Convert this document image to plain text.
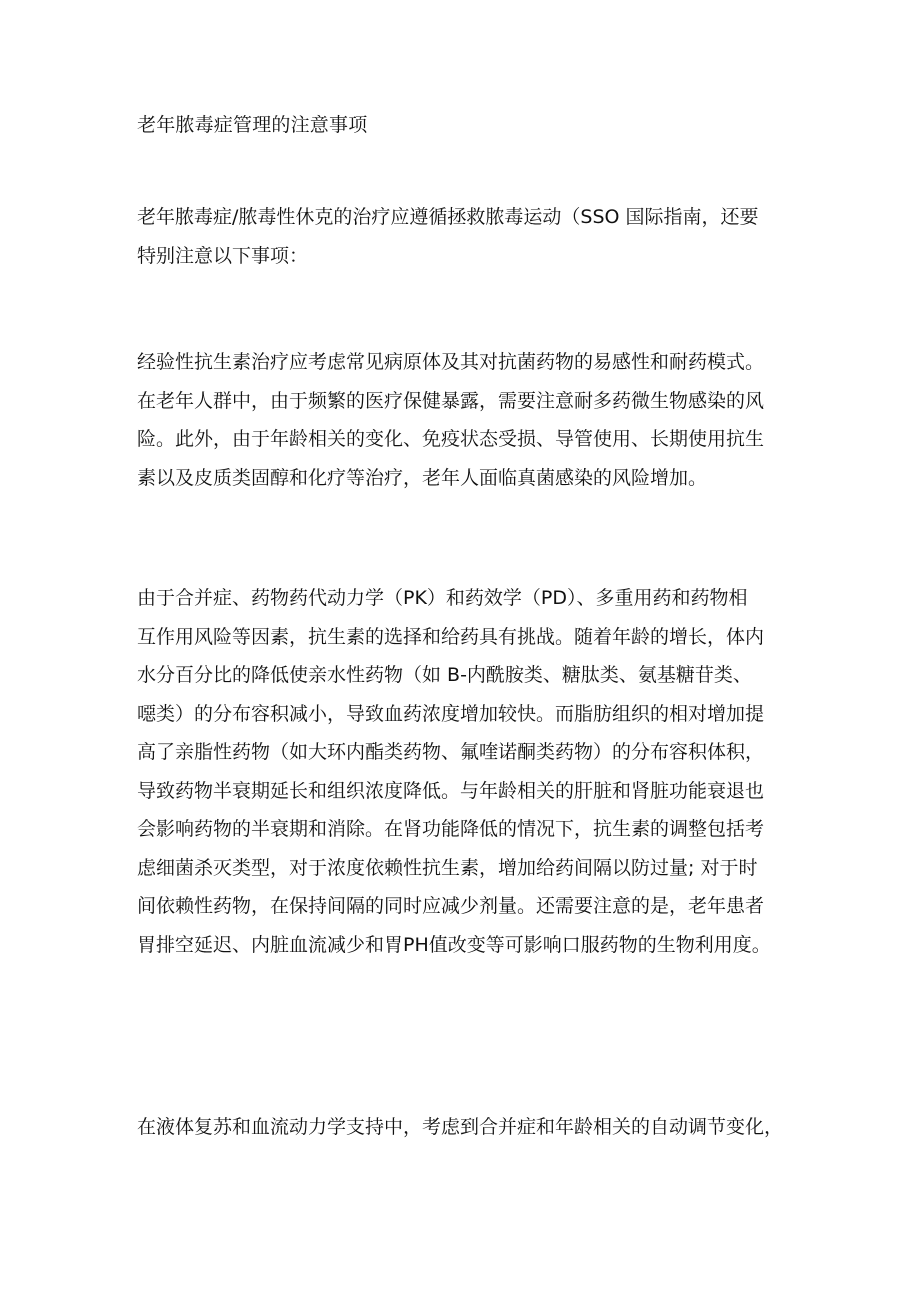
老年脓毒症管理的注意事项
老年脓毒症/脓毒性休克的治疗应遵循拯救脓毒运动（SSO 国际指南，还要
特别注意以下事项：
经验性抗生素治疗应考虑常见病原体及其对抗菌药物的易感性和耐药模式。
在老年人群中，由于频繁的医疗保健暴露，需要注意耐多药微生物感染的风
险。此外，由于年龄相关的变化、免疫状态受损、导管使用、长期使用抗生
素以及皮质类固醇和化疗等治疗，老年人面临真菌感染的风险增加。
由于合并症、药物药代动力学（PK）和药效学（PD）、多重用药和药物相
互作用风险等因素，抗生素的选择和给药具有挑战。随着年龄的增长，体内
水分百分比的降低使亲水性药物（如 B-内酰胺类、糖肽类、氨基糖苷类、
噁类）的分布容积减小，导致血药浓度增加较快。而脂肪组织的相对增加提
高了亲脂性药物（如大环内酯类药物、氟喹诺酮类药物）的分布容积体积，
导致药物半衰期延长和组织浓度降低。与年龄相关的肝脏和肾脏功能衰退也
会影响药物的半衰期和消除。在肾功能降低的情况下，抗生素的调整包括考
虑细菌杀灭类型，对于浓度依赖性抗生素，增加给药间隔以防过量; 对于时
间依赖性药物，在保持间隔的同时应减少剂量。还需要注意的是，老年患者
胃排空延迟、内脏血流减少和胃PH值改变等可影响口服药物的生物利用度。
在液体复苏和血流动力学支持中，考虑到合并症和年龄相关的自动调节变化，
